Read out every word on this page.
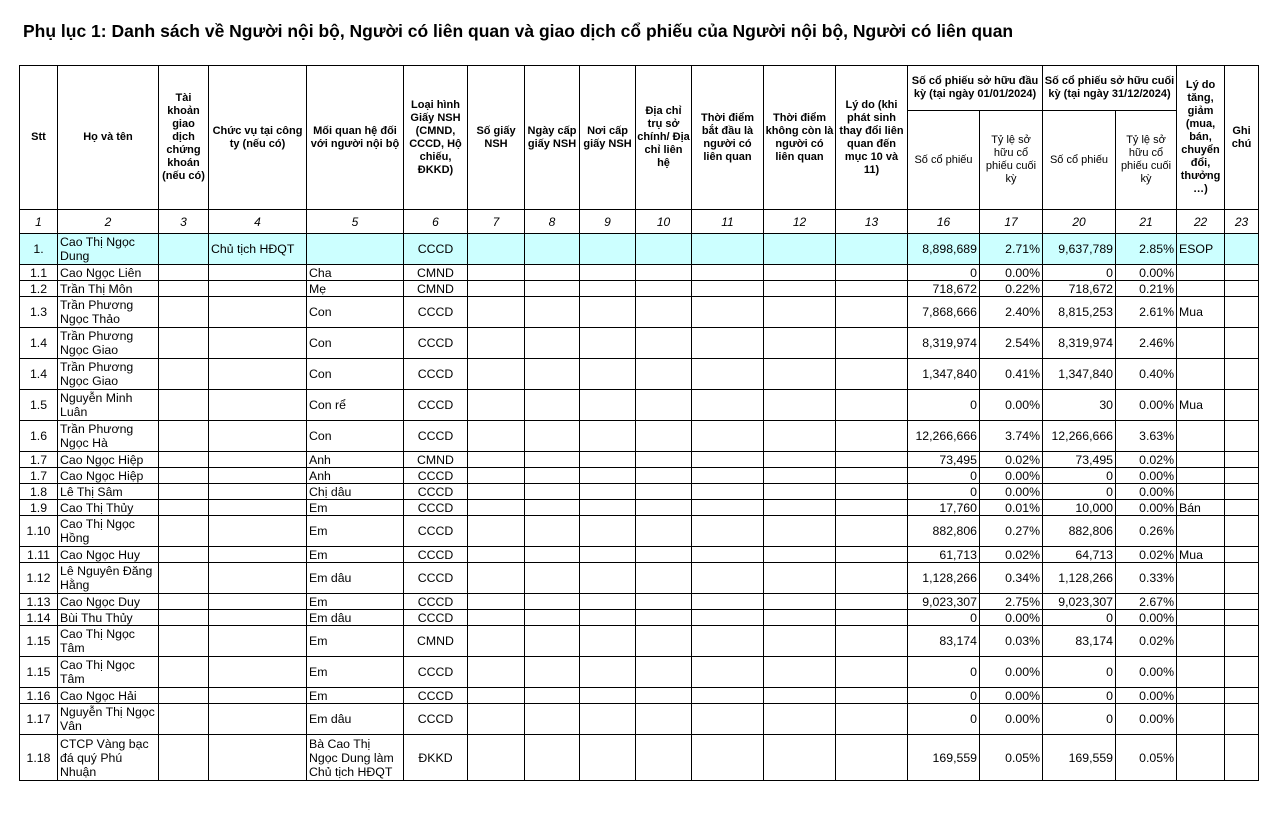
Phụ lục 1: Danh sách về Người nội bộ, Người có liên quan và giao dịch cổ phiếu của Người nội bộ, Người có liên quan
Stt	Họ và tên	Tài khoản giao dịch chứng khoán (nếu có)	Chức vụ tại công ty (nếu có)	Mối quan hệ đối với người nội bộ	Loại hình Giấy NSH (CMND, CCCD, Hộ chiếu, ĐKKD)	Số giấy NSH	Ngày cấp giấy NSH	Nơi cấp giấy NSH	Địa chỉ trụ sở chính/ Địa chỉ liên hệ	Thời điểm bắt đầu là người có liên quan	Thời điểm không còn là người có liên quan	Lý do (khi phát sinh thay đổi liên quan đến mục 10 và 11)	Số cổ phiếu sở hữu đầu kỳ (tại ngày 01/01/2024)		Số cổ phiếu sở hữu cuối kỳ (tại ngày 31/12/2024)		Lý do tăng, giảm (mua, bán, chuyển đổi, thưởng …)	Ghi chú
													Số cổ phiếu	Tỷ lệ sở hữu cổ phiếu cuối kỳ	Số cổ phiếu	Tỷ lệ sở hữu cổ phiếu cuối kỳ		
1	2	3	4	5	6	7	8	9	10	11	12	13	16	17	20	21	22	23
1.	Cao Thị Ngọc Dung		Chủ tịch HĐQT		CCCD								8,898,689	2.71%	9,637,789	2.85%	ESOP	
1.1	Cao Ngọc Liên			Cha	CMND								0	0.00%	0	0.00%		
1.2	Trần Thị Môn			Mẹ	CMND								718,672	0.22%	718,672	0.21%		
1.3	Trần Phương Ngọc Thảo			Con	CCCD								7,868,666	2.40%	8,815,253	2.61%	Mua	
1.4	Trần Phương Ngọc Giao			Con	CCCD								8,319,974	2.54%	8,319,974	2.46%		
1.4	Trần Phương Ngọc Giao			Con	CCCD								1,347,840	0.41%	1,347,840	0.40%		
1.5	Nguyễn Minh Luân			Con rể	CCCD								0	0.00%	30	0.00%	Mua	
1.6	Trần Phương Ngọc Hà			Con	CCCD								12,266,666	3.74%	12,266,666	3.63%		
1.7	Cao Ngọc Hiệp			Anh	CMND								73,495	0.02%	73,495	0.02%		
1.7	Cao Ngọc Hiệp			Anh	CCCD								0	0.00%	0	0.00%		
1.8	Lê Thị Sâm			Chị dâu	CCCD								0	0.00%	0	0.00%		
1.9	Cao Thị Thủy			Em	CCCD								17,760	0.01%	10,000	0.00%	Bán	
1.10	Cao Thị Ngọc Hồng			Em	CCCD								882,806	0.27%	882,806	0.26%		
1.11	Cao Ngọc Huy			Em	CCCD								61,713	0.02%	64,713	0.02%	Mua	
1.12	Lê Nguyên Đăng Hằng			Em dâu	CCCD								1,128,266	0.34%	1,128,266	0.33%		
1.13	Cao Ngọc Duy			Em	CCCD								9,023,307	2.75%	9,023,307	2.67%		
1.14	Bùi Thu Thủy			Em dâu	CCCD								0	0.00%	0	0.00%		
1.15	Cao Thị Ngọc Tâm			Em	CMND								83,174	0.03%	83,174	0.02%		
1.15	Cao Thị Ngọc Tâm			Em	CCCD								0	0.00%	0	0.00%		
1.16	Cao Ngọc Hải			Em	CCCD								0	0.00%	0	0.00%		
1.17	Nguyễn Thị Ngọc Vân			Em dâu	CCCD								0	0.00%	0	0.00%		
1.18	CTCP Vàng bạc đá quý Phú Nhuận			Bà Cao Thị Ngọc Dung làm Chủ tịch HĐQT	ĐKKD								169,559	0.05%	169,559	0.05%		
